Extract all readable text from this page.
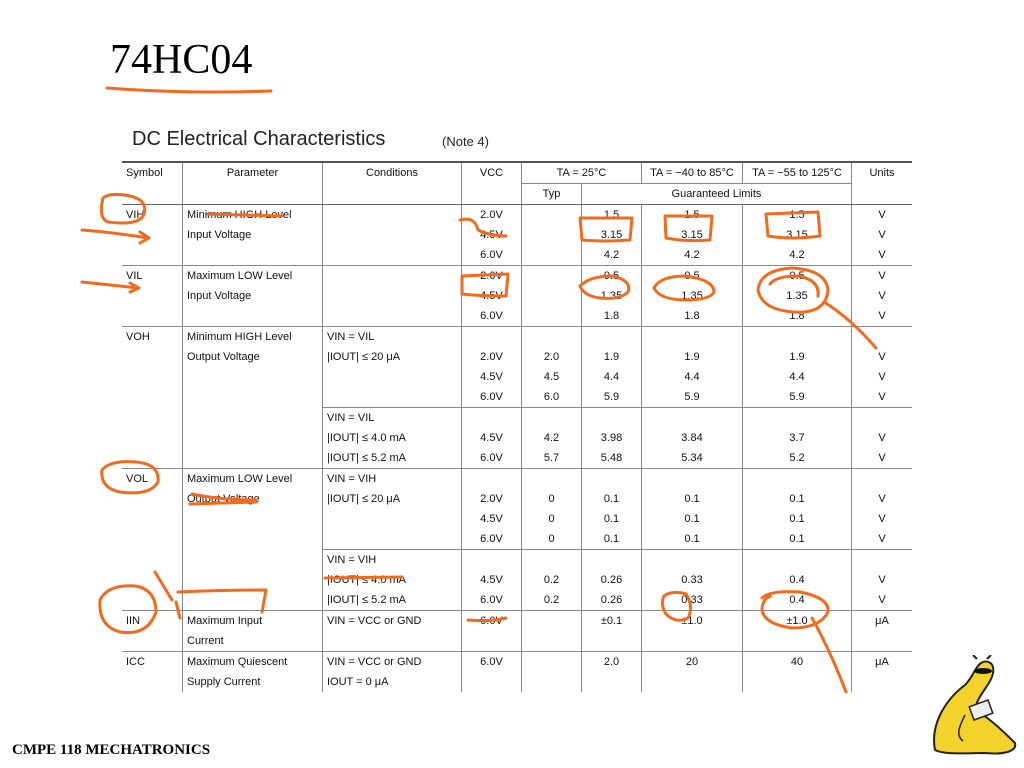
74HC04
DC Electrical Characteristics	(Note 4)
Symbol	Parameter	Conditions	VCC	TA = 25°C		TA = −40 to 85°C	TA = −55 to 125°C	Units
				Typ	Guaranteed Limits			
VIH	Minimum HIGH Level		2.0V		1.5	1.5	1.5	V
	Input Voltage		4.5V		3.15	3.15	3.15	V
			6.0V		4.2	4.2	4.2	V
VIL	Maximum LOW Level		2.0V		0.5	0.5	0.5	V
	Input Voltage		4.5V		1.35	1.35	1.35	V
			6.0V		1.8	1.8	1.8	V
VOH	Minimum HIGH Level	VIN = VIL						
	Output Voltage	|IOUT| ≤ 20 μA	2.0V	2.0	1.9	1.9	1.9	V
			4.5V	4.5	4.4	4.4	4.4	V
			6.0V	6.0	5.9	5.9	5.9	V
		VIN = VIL						
		|IOUT| ≤ 4.0 mA	4.5V	4.2	3.98	3.84	3.7	V
		|IOUT| ≤ 5.2 mA	6.0V	5.7	5.48	5.34	5.2	V
VOL	Maximum LOW Level	VIN = VIH						
	Output Voltage	|IOUT| ≤ 20 μA	2.0V	0	0.1	0.1	0.1	V
			4.5V	0	0.1	0.1	0.1	V
			6.0V	0	0.1	0.1	0.1	V
		VIN = VIH						
		|IOUT| ≤ 4.0 mA	4.5V	0.2	0.26	0.33	0.4	V
		|IOUT| ≤ 5.2 mA	6.0V	0.2	0.26	0.33	0.4	V
IIN	Maximum Input	VIN = VCC or GND	6.0V		±0.1	±1.0	±1.0	μA
	Current							
ICC	Maximum Quiescent	VIN = VCC or GND	6.0V		2.0	20	40	μA
	Supply Current	IOUT = 0 μA						
CMPE 118 MECHATRONICS
